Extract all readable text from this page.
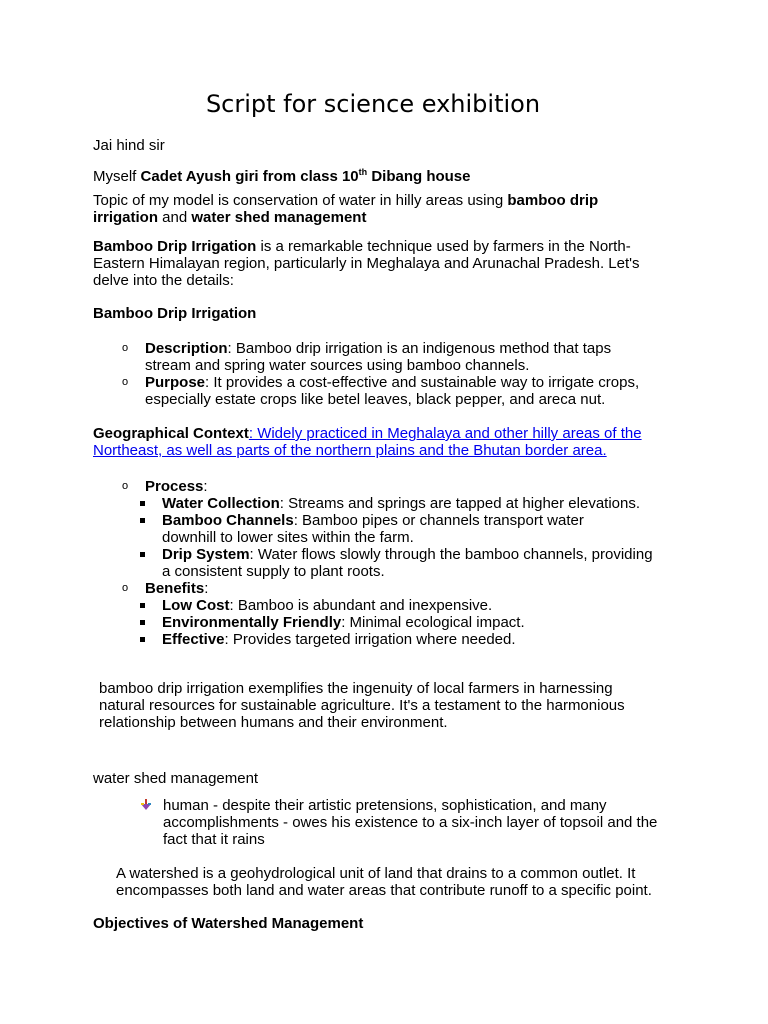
Script for science exhibition

Jai hind sir

Myself Cadet Ayush giri from class 10th Dibang house

Topic of my model is conservation of water in hilly areas using bamboo drip irrigation and water shed management

Bamboo Drip Irrigation is a remarkable technique used by farmers in the North-Eastern Himalayan region, particularly in Meghalaya and Arunachal Pradesh. Let's delve into the details:

Bamboo Drip Irrigation

o Description: Bamboo drip irrigation is an indigenous method that taps stream and spring water sources using bamboo channels.
o Purpose: It provides a cost-effective and sustainable way to irrigate crops, especially estate crops like betel leaves, black pepper, and areca nut.

Geographical Context: Widely practiced in Meghalaya and other hilly areas of the Northeast, as well as parts of the northern plains and the Bhutan border area.

o Process:
Water Collection: Streams and springs are tapped at higher elevations.
Bamboo Channels: Bamboo pipes or channels transport water downhill to lower sites within the farm.
Drip System: Water flows slowly through the bamboo channels, providing a consistent supply to plant roots.
o Benefits:
Low Cost: Bamboo is abundant and inexpensive.
Environmentally Friendly: Minimal ecological impact.
Effective: Provides targeted irrigation where needed.

bamboo drip irrigation exemplifies the ingenuity of local farmers in harnessing natural resources for sustainable agriculture. It's a testament to the harmonious relationship between humans and their environment.

water shed management

human - despite their artistic pretensions, sophistication, and many accomplishments - owes his existence to a six-inch layer of topsoil and the fact that it rains

A watershed is a geohydrological unit of land that drains to a common outlet. It encompasses both land and water areas that contribute runoff to a specific point.

Objectives of Watershed Management
